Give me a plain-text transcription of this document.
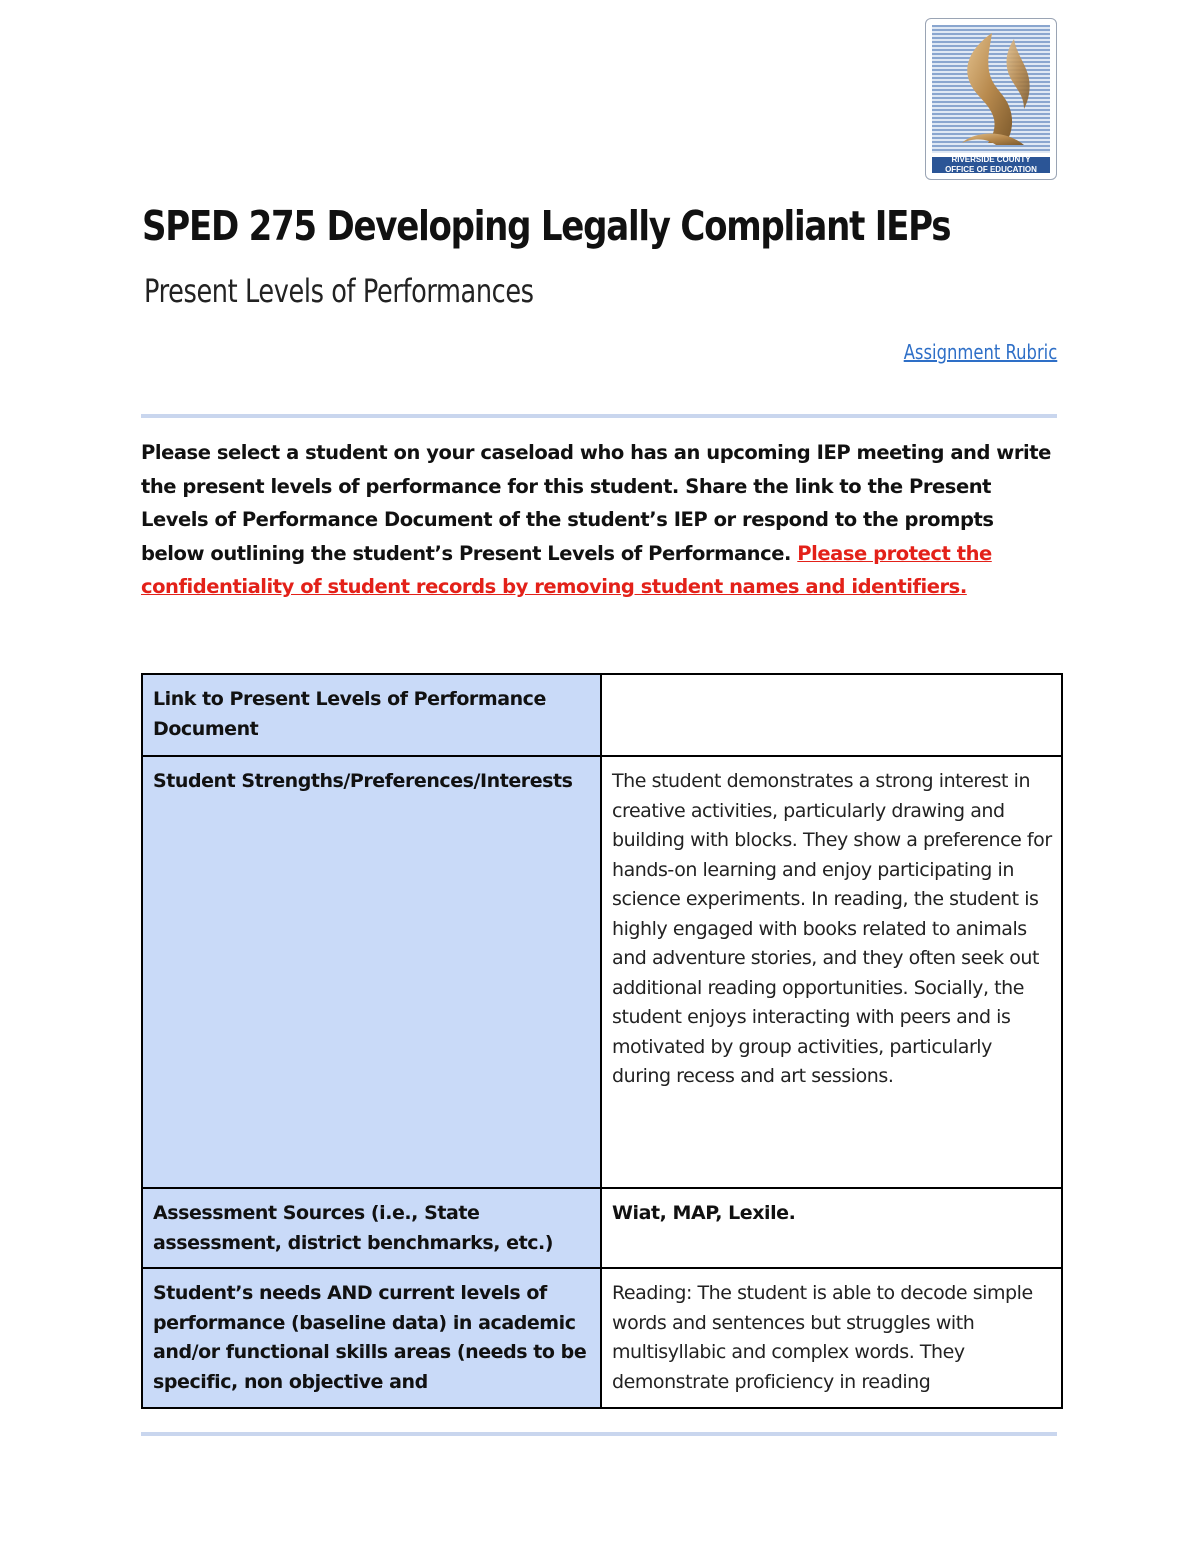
RIVERSIDE COUNTY
OFFICE OF EDUCATION
SPED 275 Developing Legally Compliant IEPs
Present Levels of Performances
Assignment Rubric

Please select a student on your caseload who has an upcoming IEP meeting and write the present levels of performance for this student. Share the link to the Present Levels of Performance Document of the student’s IEP or respond to the prompts below outlining the student’s Present Levels of Performance. Please protect the confidentiality of student records by removing student names and identifiers.

Link to Present Levels of Performance Document	
Student Strengths/Preferences/Interests	The student demonstrates a strong interest in creative activities, particularly drawing and building with blocks. They show a preference for hands-on learning and enjoy participating in science experiments. In reading, the student is highly engaged with books related to animals and adventure stories, and they often seek out additional reading opportunities. Socially, the student enjoys interacting with peers and is motivated by group activities, particularly during recess and art sessions.
Assessment Sources (i.e., State assessment, district benchmarks, etc.)	Wiat, MAP, Lexile.
Student’s needs AND current levels of performance (baseline data) in academic and/or functional skills areas (needs to be specific, non objective and	Reading: The student is able to decode simple words and sentences but struggles with multisyllabic and complex words. They demonstrate proficiency in reading
